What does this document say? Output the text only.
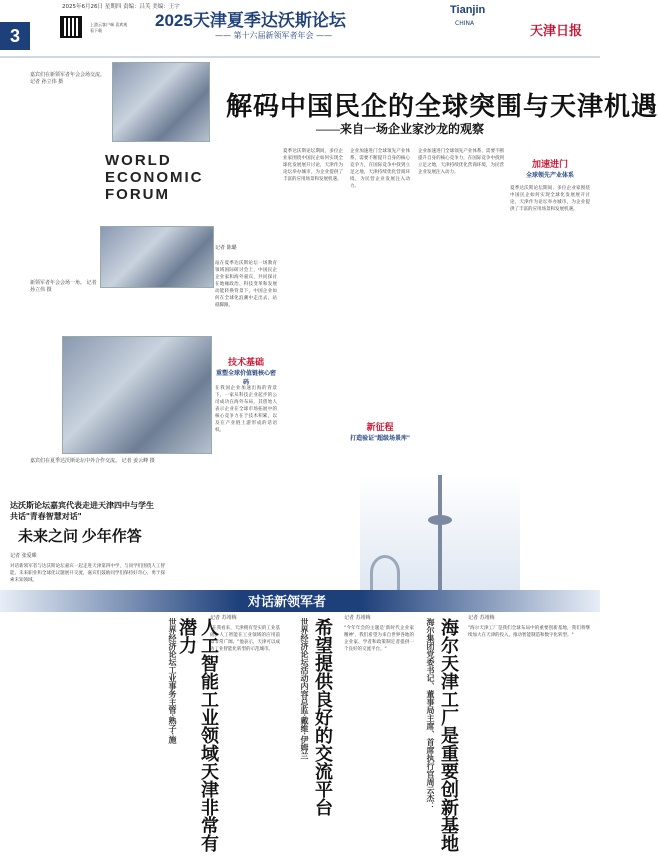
3
2025年6月26日 星期四 责编：吕芙 美编：王宇
上游云客户端 喜欢观看下载
2025天津夏季达沃斯论坛
—— 第十六届新领军者年会 ——
Tianjin
CHINA	天津日报
嘉宾们在新领军者年会会场交流。 记者 孙立伟 摄
新领军者年会会场一角。 记者 孙立伟 摄
嘉宾们在夏季达沃斯论坛中外合作交流。 记者 姜云峰 摄
WORLD ECONOMIC FORUM
解码中国民企的全球突围与天津机遇
——来自一场企业家沙龙的观察
记者 陈璐
站在夏季达沃斯论坛一场教育领域国际研讨会上，中国民企企业家和海外嘉宾，共同探讨在地缘政治、科技变革和发展动能转换背景下，中国企业如何在全球化浪潮中走出去，站稳脚跟。
技术基础
重塑全球价值链核心密码
在我国企业加速出海的背景下，一家从科技企业起步的公司成功在海外布局，其创始人表示企业在全球市场拓展中的核心竞争力在于技术积累，以及在产业链上游形成的话语权。
夏季达沃斯论坛期间，多位企业家围绕中国民企如何实现全球化发展展开讨论，天津作为论坛举办城市，为企业提供了丰富的应用场景和发展机遇。
新征程
打造验证"超级场景库"
企业加速进门全球领先产业体系，需要不断提升自身的核心竞争力，在国际竞争中找到立足之地，天津持续优化营商环境，为民营企业发展注入动力。
加速进门
全球领先产业体系
企业加速进门全球领先产业体系，需要不断提升自身的核心竞争力，在国际竞争中找到立足之地，天津持续优化营商环境，为民营企业发展注入动力。
夏季达沃斯论坛期间，多位企业家围绕中国民企如何实现全球化发展展开讨论，天津作为论坛举办城市，为企业提供了丰富的应用场景和发展机遇。
对话新领军者
达沃斯论坛嘉宾代表走进天津四中与学生共话"青春智慧对话"
未来之问 少年作答
记者 张爱晞
对话新领军者与达沃斯论坛嘉宾一起走进天津第四中学，与同学们围绕人工智能、未来职业和全球化议题展开交流，嘉宾们鼓励同学们保持好奇心，勇于探索未知领域。
人工智能工业领域天津非常有潜力
世界经济论坛工业事务主管·熟子·施	记者 苏靖梅
"在我看来，天津拥有坚实的工业基础，人工智能在工业领域的应用前景非常广阔。"他表示，天津可以成为工业智能化转型的示范城市。	希望提供良好的交流平台
世界经济论坛活动内容总监·戴维·伊姆兰	记者 苏靖梅
"今年年会的主题是'新时代企业家精神'，我们希望为来自世界各地的企业家、学者和政策制定者提供一个良好的交流平台。"	海尔天津工厂是重要创新基地
海尔集团党委书记、董事局主席、首席执行官周云杰：	记者 苏靖梅
"海尔天津工厂是我们全球布局中的重要创新基地，我们将继续加大在天津的投入，推动智能制造和数字化转型。"
